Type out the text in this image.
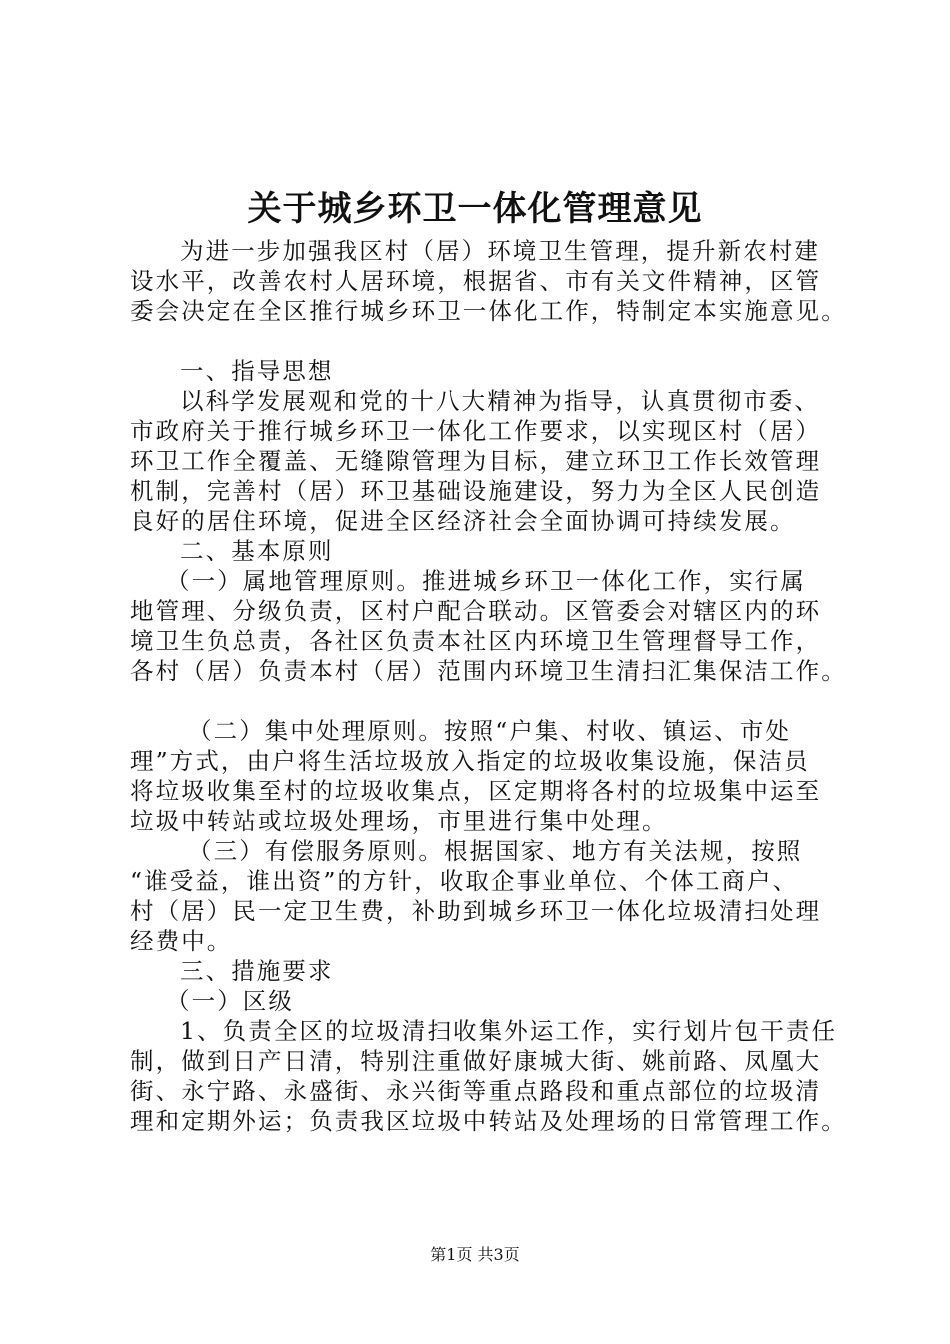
关于城乡环卫一体化管理意见
为进一步加强我区村（居）环境卫生管理，提升新农村建
设水平，改善农村人居环境，根据省、市有关文件精神，区管
委会决定在全区推行城乡环卫一体化工作，特制定本实施意见。
一、指导思想
以科学发展观和党的十八大精神为指导，认真贯彻市委、
市政府关于推行城乡环卫一体化工作要求，以实现区村（居）
环卫工作全覆盖、无缝隙管理为目标，建立环卫工作长效管理
机制，完善村（居）环卫基础设施建设，努力为全区人民创造
良好的居住环境，促进全区经济社会全面协调可持续发展。
二、基本原则
（一）属地管理原则。推进城乡环卫一体化工作，实行属
地管理、分级负责，区村户配合联动。区管委会对辖区内的环
境卫生负总责，各社区负责本社区内环境卫生管理督导工作，
各村（居）负责本村（居）范围内环境卫生清扫汇集保洁工作。
（二）集中处理原则。按照“户集、村收、镇运、市处
理”方式，由户将生活垃圾放入指定的垃圾收集设施，保洁员
将垃圾收集至村的垃圾收集点，区定期将各村的垃圾集中运至
垃圾中转站或垃圾处理场，市里进行集中处理。
（三）有偿服务原则。根据国家、地方有关法规，按照
“谁受益，谁出资”的方针，收取企事业单位、个体工商户、
村（居）民一定卫生费，补助到城乡环卫一体化垃圾清扫处理
经费中。
三、措施要求
（一）区级
1、负责全区的垃圾清扫收集外运工作，实行划片包干责任
制，做到日产日清，特别注重做好康城大街、姚前路、凤凰大
街、永宁路、永盛街、永兴街等重点路段和重点部位的垃圾清
理和定期外运；负责我区垃圾中转站及处理场的日常管理工作。
第1页 共3页
